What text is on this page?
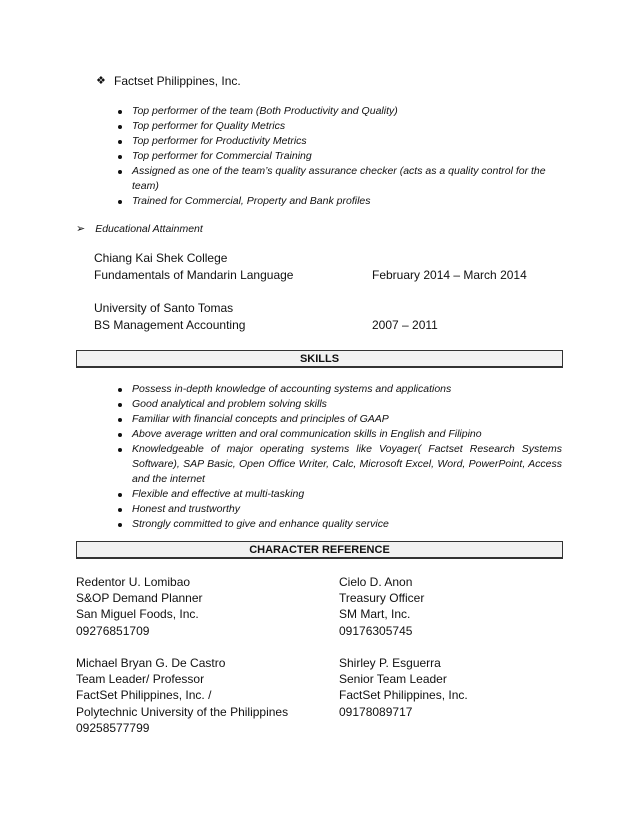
❖ Factset Philippines, Inc.
Top performer of the team (Both Productivity and Quality)
Top performer for Quality Metrics
Top performer for Productivity Metrics
Top performer for Commercial Training
Assigned as one of the team’s quality assurance checker (acts as a quality control for the team)
Trained for Commercial, Property and Bank profiles
➢ Educational Attainment
Chiang Kai Shek College
Fundamentals of Mandarin Language	February 2014 – March 2014
University of Santo Tomas
BS Management Accounting	2007 – 2011
SKILLS
Possess in-depth knowledge of accounting systems and applications
Good analytical and problem solving skills
Familiar with financial concepts and principles of GAAP
Above average written and oral communication skills in English and Filipino
Knowledgeable of major operating systems like Voyager( Factset Research Systems Software), SAP Basic, Open Office Writer, Calc, Microsoft Excel, Word, PowerPoint, Access and the internet
Flexible and effective at multi-tasking
Honest and trustworthy
Strongly committed to give and enhance quality service
CHARACTER REFERENCE
Redentor U. Lomibao
S&OP Demand Planner
San Miguel Foods, Inc.
09276851709
Cielo D. Anon
Treasury Officer
SM Mart, Inc.
09176305745
Michael Bryan G. De Castro
Team Leader/ Professor
FactSet Philippines, Inc. /
Polytechnic University of the Philippines
09258577799
Shirley P. Esguerra
Senior Team Leader
FactSet Philippines, Inc.
09178089717
